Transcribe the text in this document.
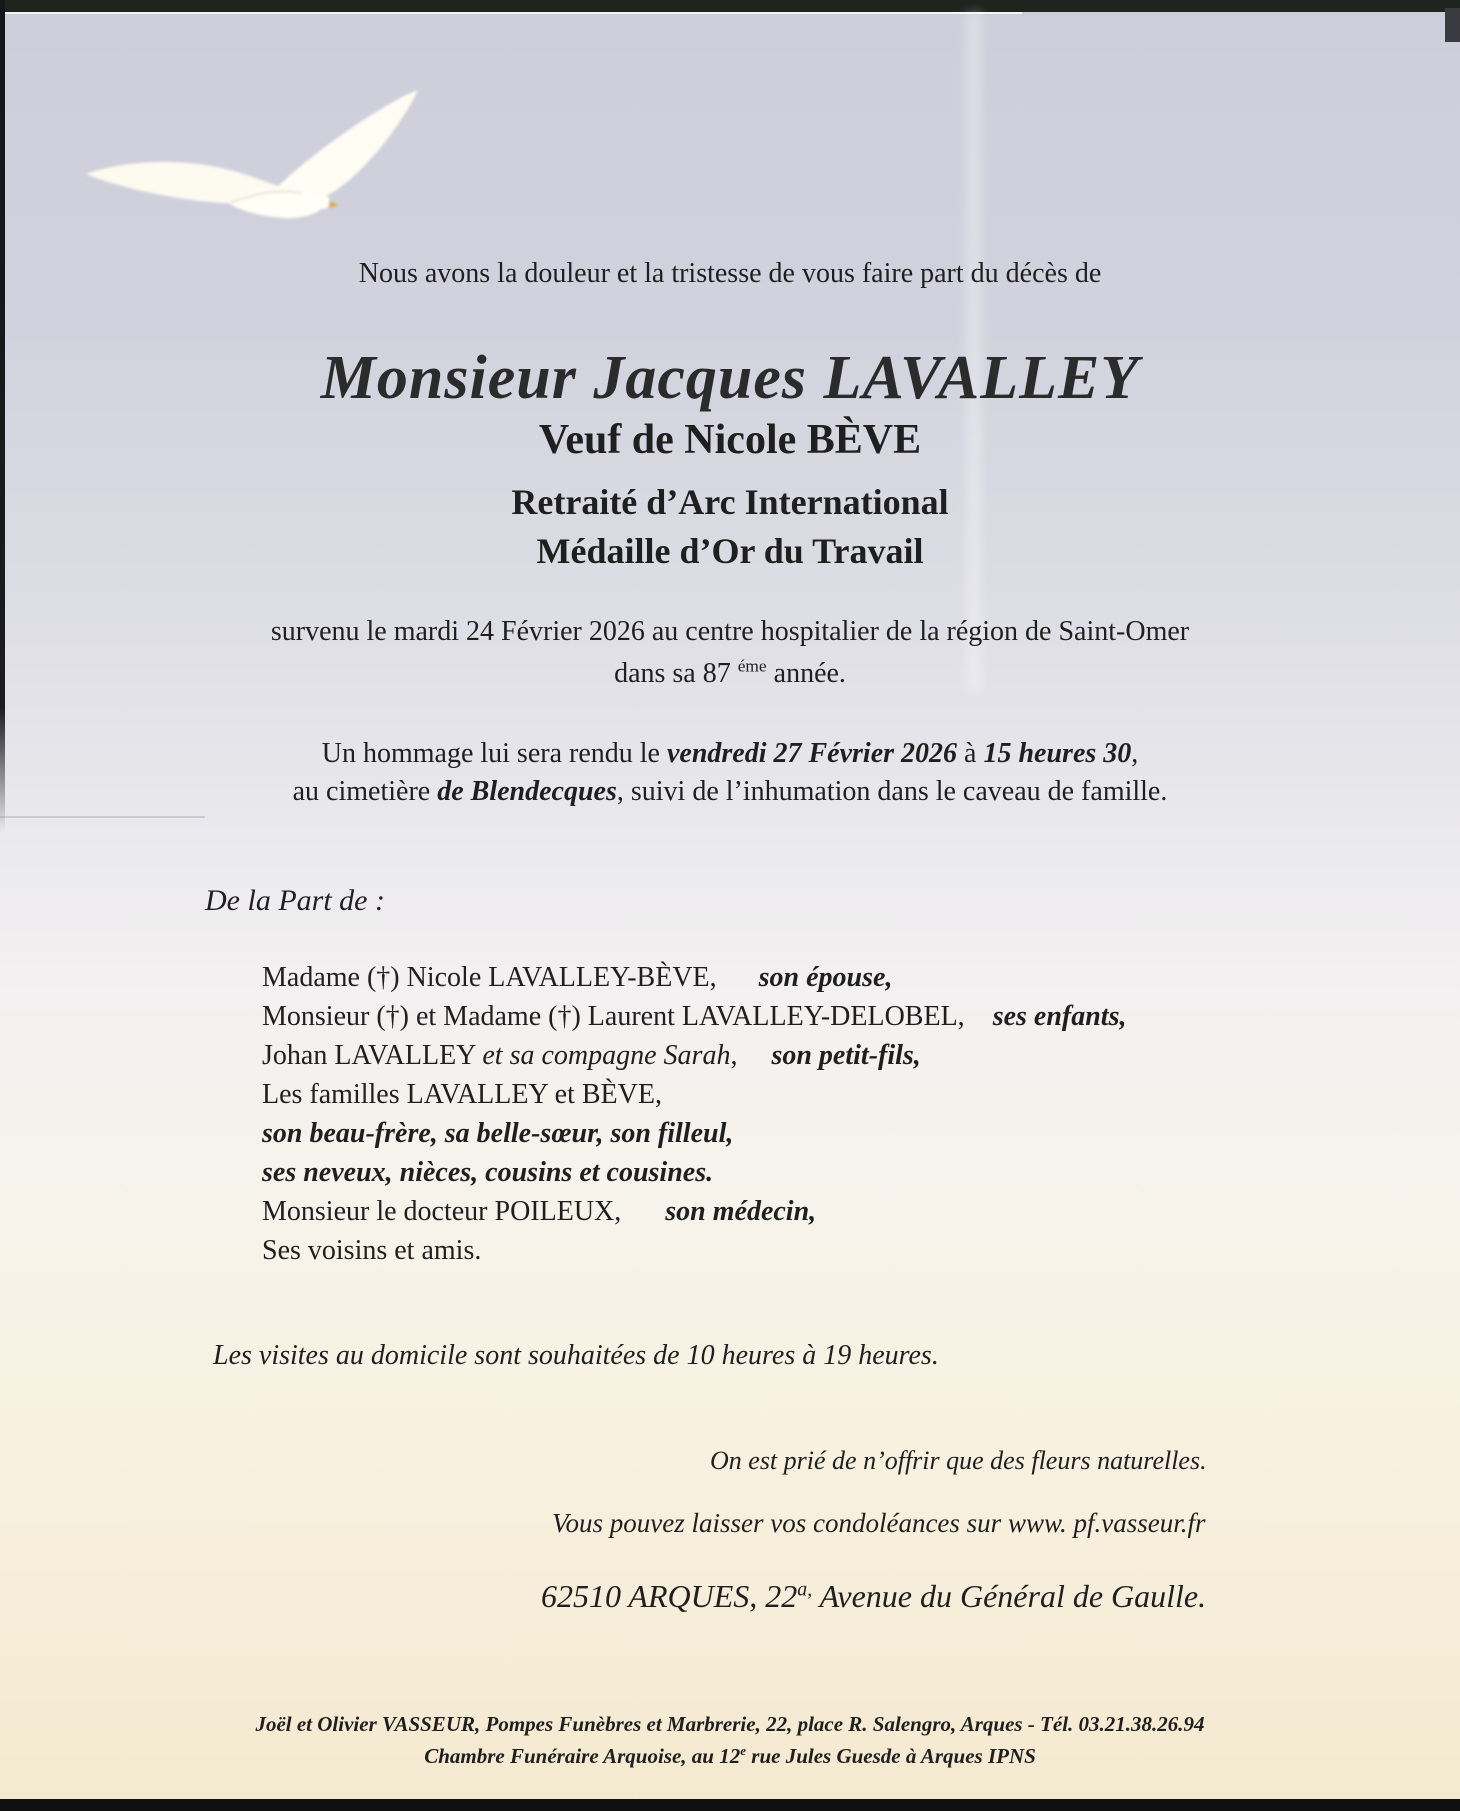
Nous avons la douleur et la tristesse de vous faire part du décès de
Monsieur Jacques LAVALLEY
Veuf de Nicole BÈVE
Retraité d’Arc International
Médaille d’Or du Travail
survenu le mardi 24 Février 2026 au centre hospitalier de la région de Saint-Omer
dans sa 87 $^{éme}$ année.
Un hommage lui sera rendu le vendredi 27 Février 2026 à 15 heures 30,
au cimetière de Blendecques, suivi de l’inhumation dans le caveau de famille.
De la Part de :
Madame (†) Nicole LAVALLEY-BÈVE, son épouse,
Monsieur (†) et Madame (†) Laurent LAVALLEY-DELOBEL, ses enfants,
Johan LAVALLEY et sa compagne Sarah, son petit-fils,
Les familles LAVALLEY et BÈVE,
son beau-frère, sa belle-sœur, son filleul,
ses neveux, nièces, cousins et cousines.
Monsieur le docteur POILEUX, son médecin,
Ses voisins et amis.
Les visites au domicile sont souhaitées de 10 heures à 19 heures.
On est prié de n’offrir que des fleurs naturelles.
Vous pouvez laisser vos condoléances sur www. pf.vasseur.fr
62510 ARQUES, $22^{a,}$ Avenue du Général de Gaulle.
Joël et Olivier VASSEUR, Pompes Funèbres et Marbrerie, 22, place R. Salengro, Arques - Tél. 03.21.38.26.94
Chambre Funéraire Arquoise, au 12e rue Jules Guesde à Arques IPNS
